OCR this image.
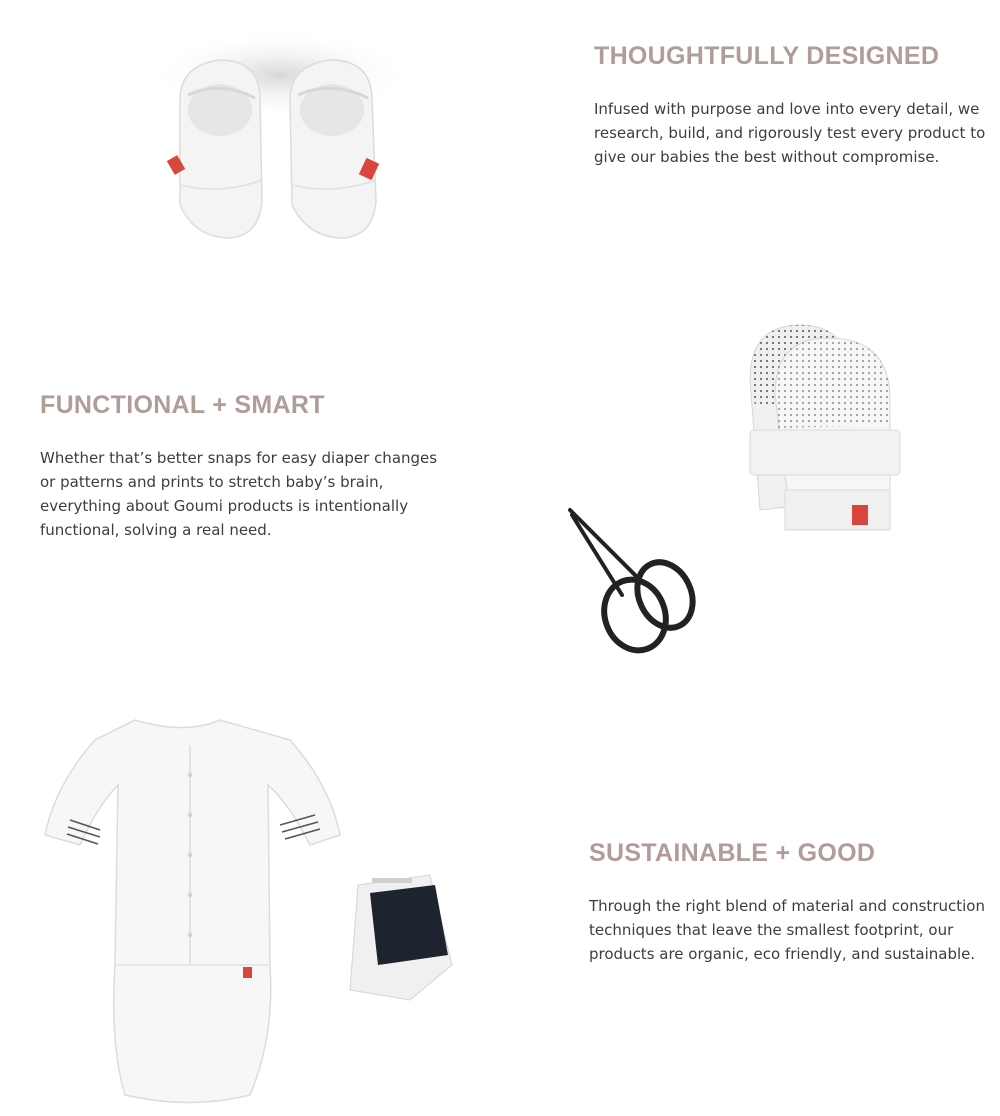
THOUGHTFULLY DESIGNED

Infused with purpose and love into every detail, we research, build, and rigorously test every product to give our babies the best without compromise.

FUNCTIONAL + SMART

Whether that’s better snaps for easy diaper changes or patterns and prints to stretch baby’s brain, everything about Goumi products is intentionally functional, solving a real need.

SUSTAINABLE + GOOD

Through the right blend of material and construction techniques that leave the smallest footprint, our products are organic, eco friendly, and sustainable.
